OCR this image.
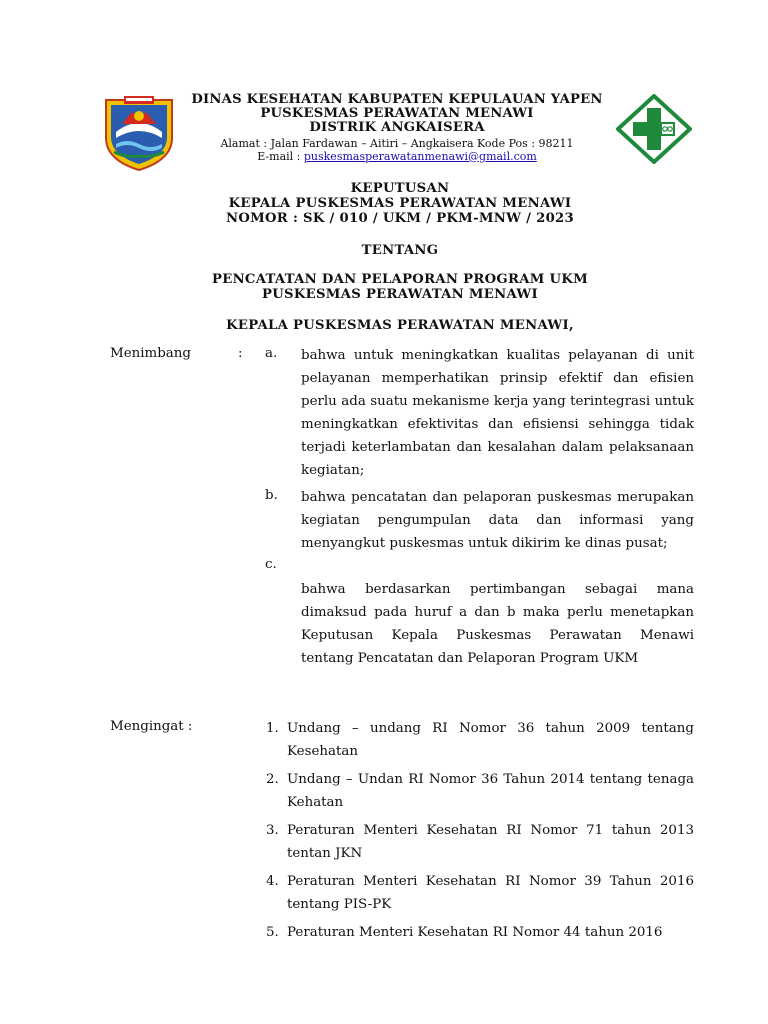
DINAS KESEHATAN KABUPATEN KEPULAUAN YAPEN
PUSKESMAS PERAWATAN MENAWI
DISTRIK ANGKAISERA
Alamat : Jalan Fardawan – Aitiri – Angkaisera Kode Pos : 98211
E-mail : puskesmasperawatanmenawi@gmail.com
KEPUTUSAN
KEPALA PUSKESMAS PERAWATAN MENAWI
NOMOR : SK / 010 / UKM / PKM-MNW / 2023
TENTANG
PENCATATAN DAN PELAPORAN PROGRAM UKM
PUSKESMAS PERAWATAN MENAWI
KEPALA PUSKESMAS PERAWATAN MENAWI,
Menimbang	: a. bahwa untuk meningkatkan kualitas pelayanan di unit pelayanan memperhatikan prinsip efektif dan efisien perlu ada suatu mekanisme kerja yang terintegrasi untuk meningkatkan efektivitas dan efisiensi sehingga tidak terjadi keterlambatan dan kesalahan dalam pelaksanaan kegiatan;
b. bahwa pencatatan dan pelaporan puskesmas merupakan kegiatan pengumpulan data dan informasi yang menyangkut puskesmas untuk dikirim ke dinas pusat;
c.
bahwa berdasarkan pertimbangan sebagai mana dimaksud pada huruf a dan b maka perlu menetapkan Keputusan Kepala Puskesmas Perawatan Menawi tentang Pencatatan dan Pelaporan Program UKM
Mengingat :	1. Undang – undang RI Nomor 36 tahun 2009 tentang Kesehatan
2. Undang – Undan RI Nomor 36 Tahun 2014 tentang tenaga Kehatan
3. Peraturan Menteri Kesehatan RI Nomor 71 tahun 2013 tentan JKN
4. Peraturan Menteri Kesehatan RI Nomor 39 Tahun 2016 tentang PIS-PK
5. Peraturan Menteri Kesehatan RI Nomor 44 tahun 2016
